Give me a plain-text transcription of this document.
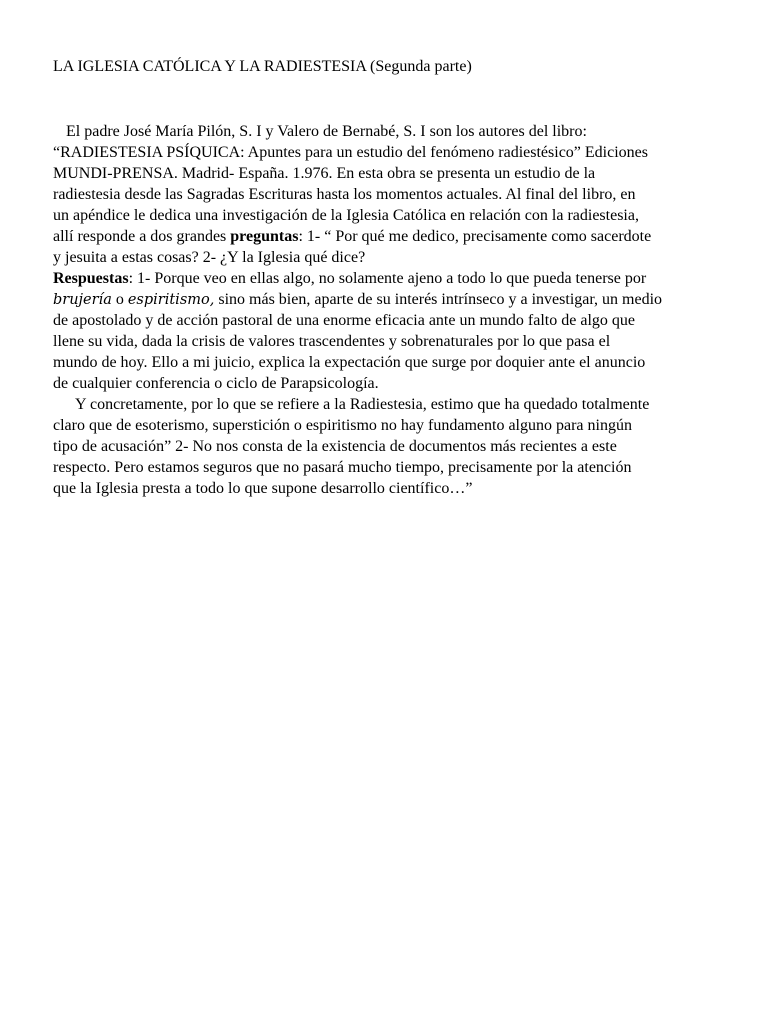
LA IGLESIA CATÓLICA Y LA RADIESTESIA (Segunda parte)
El padre José María Pilón, S. I y Valero de Bernabé, S. I son los autores del libro:
“RADIESTESIA PSÍQUICA: Apuntes para un estudio del fenómeno radiestésico” Ediciones
MUNDI-PRENSA. Madrid- España. 1.976. En esta obra se presenta un estudio de la
radiestesia desde las Sagradas Escrituras hasta los momentos actuales. Al final del libro, en
un apéndice le dedica una investigación de la Iglesia Católica en relación con la radiestesia,
allí responde a dos grandes preguntas: 1- “ Por qué me dedico, precisamente como sacerdote
y jesuita a estas cosas? 2- ¿Y la Iglesia qué dice?
Respuestas: 1- Porque veo en ellas algo, no solamente ajeno a todo lo que pueda tenerse por
brujería o espiritismo, sino más bien, aparte de su interés intrínseco y a investigar, un medio
de apostolado y de acción pastoral de una enorme eficacia ante un mundo falto de algo que
llene su vida, dada la crisis de valores trascendentes y sobrenaturales por lo que pasa el
mundo de hoy. Ello a mi juicio, explica la expectación que surge por doquier ante el anuncio
de cualquier conferencia o ciclo de Parapsicología.
Y concretamente, por lo que se refiere a la Radiestesia, estimo que ha quedado totalmente
claro que de esoterismo, superstición o espiritismo no hay fundamento alguno para ningún
tipo de acusación” 2- No nos consta de la existencia de documentos más recientes a este
respecto. Pero estamos seguros que no pasará mucho tiempo, precisamente por la atención
que la Iglesia presta a todo lo que supone desarrollo científico…”
